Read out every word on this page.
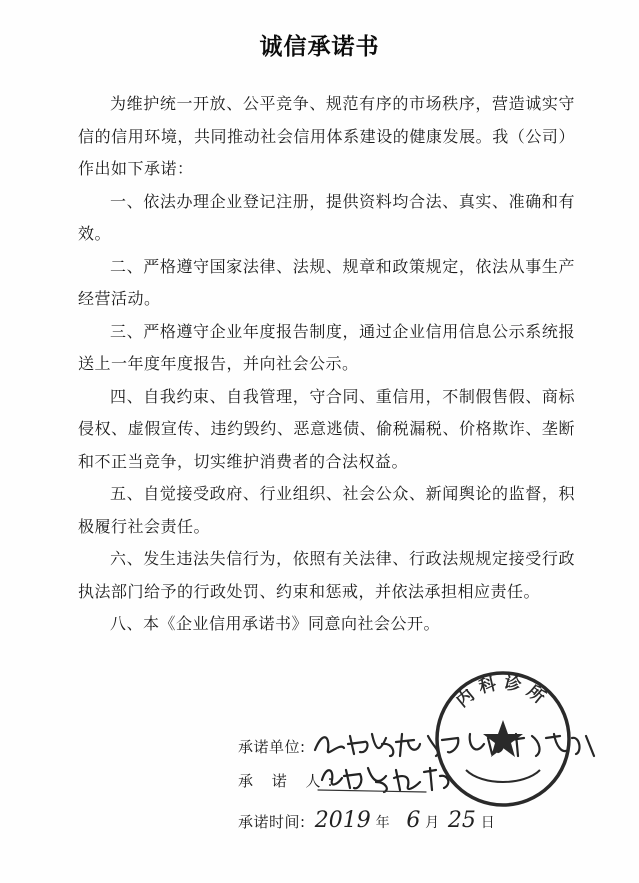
诚信承诺书

为维护统一开放、公平竞争、规范有序的市场秩序，营造诚实守信的信用环境，共同推动社会信用体系建设的健康发展。我（公司）作出如下承诺：

一、依法办理企业登记注册，提供资料均合法、真实、准确和有效。

二、严格遵守国家法律、法规、规章和政策规定，依法从事生产经营活动。

三、严格遵守企业年度报告制度，通过企业信用信息公示系统报送上一年度年度报告，并向社会公示。

四、自我约束、自我管理，守合同、重信用，不制假售假、商标侵权、虚假宣传、违约毁约、恶意逃债、偷税漏税、价格欺诈、垄断和不正当竞争，切实维护消费者的合法权益。

五、自觉接受政府、行业组织、社会公众、新闻舆论的监督，积极履行社会责任。

六、发生违法失信行为，依照有关法律、行政法规规定接受行政执法部门给予的行政处罚、约束和惩戒，并依法承担相应责任。

八、本《企业信用承诺书》同意向社会公开。

承诺单位:
承 诺 人:
承诺时间: 2019 年 6 月 25 日
内科诊所
